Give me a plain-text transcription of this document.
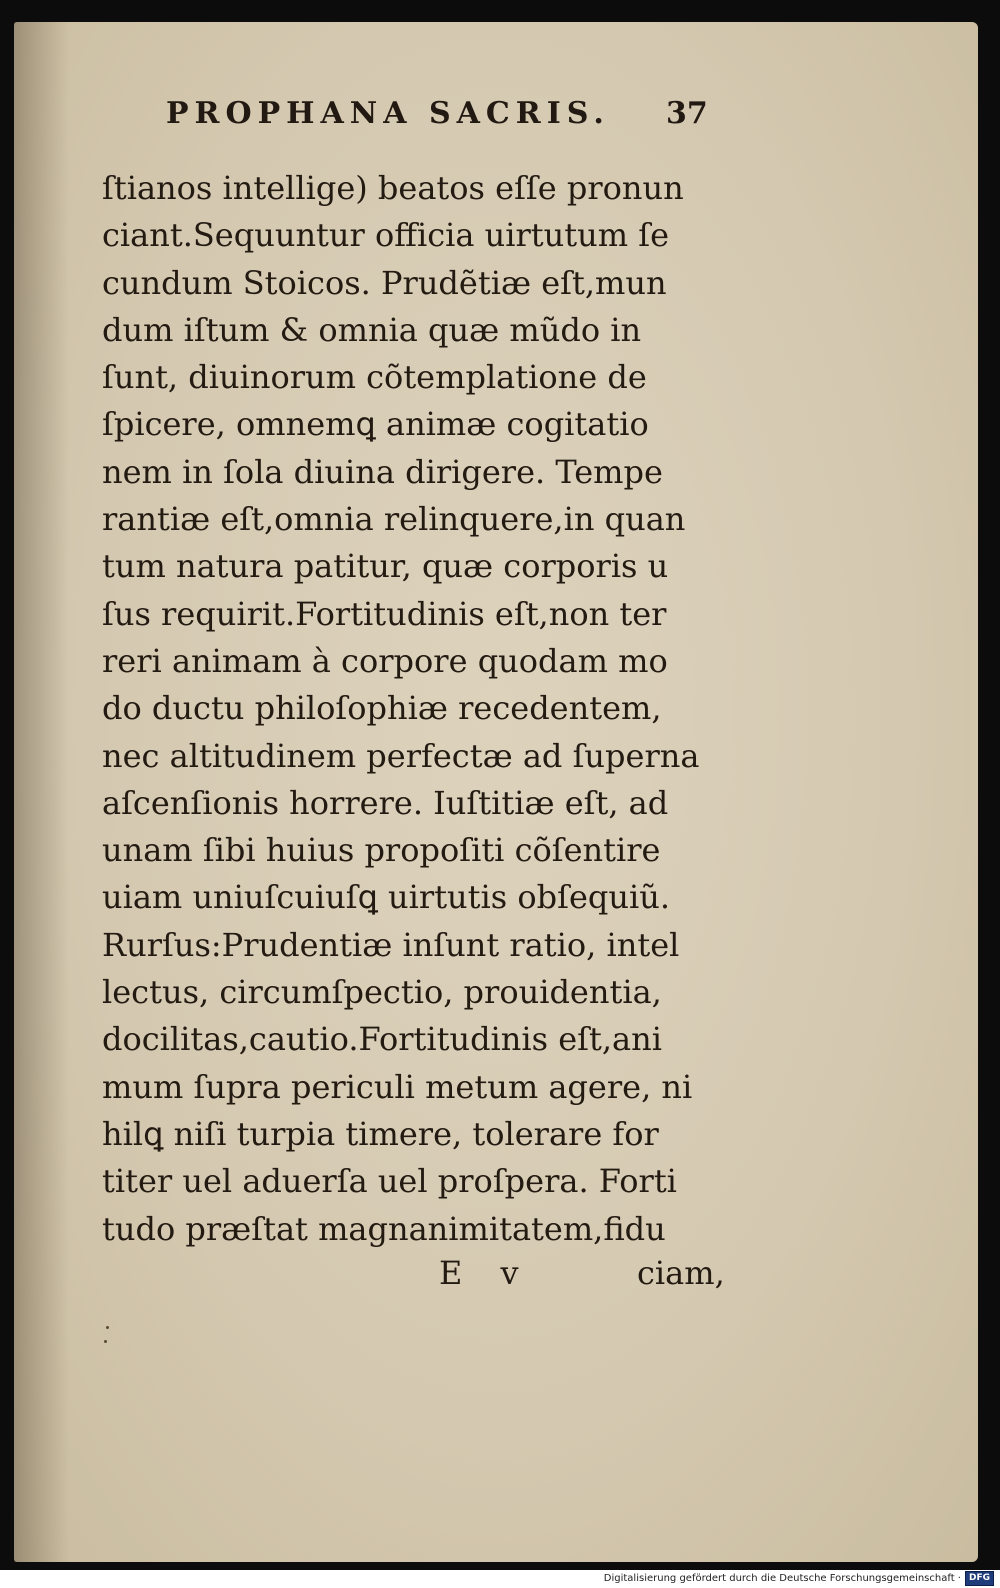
PROPHANA SACRIS. 37
ſtianos intellige) beatos eſſe pronun
ciant.Sequuntur officia uirtutum ſe
cundum Stoicos. Prudẽtiæ eſt,mun
dum iſtum & omnia quæ mũdo in
ſunt, diuinorum cõtemplatione de
ſpicere, omnemꝗ animæ cogitatio
nem in ſola diuina dirigere. Tempe
rantiæ eſt,omnia relinquere,in quan
tum natura patitur, quæ corporis u
ſus requirit.Fortitudinis eſt,non ter
reri animam à corpore quodam mo
do ductu philoſophiæ recedentem,
nec altitudinem perfectæ ad ſuperna
aſcenſionis horrere. Iuſtitiæ eſt, ad
unam ſibi huius propoſiti cõſentire
uiam uniuſcuiuſꝗ uirtutis obſequiũ.
Rurſus:Prudentiæ inſunt ratio, intel
lectus, circumſpectio, prouidentia,
docilitas,cautio.Fortitudinis eſt,ani
mum ſupra periculi metum agere, ni
hilꝗ niſi turpia timere, tolerare for
titer uel aduerſa uel proſpera. Forti
tudo præſtat magnanimitatem,fidu
E v	ciam,
Digitalisierung gefördert durch die Deutsche Forschungsgemeinschaft · DFG
